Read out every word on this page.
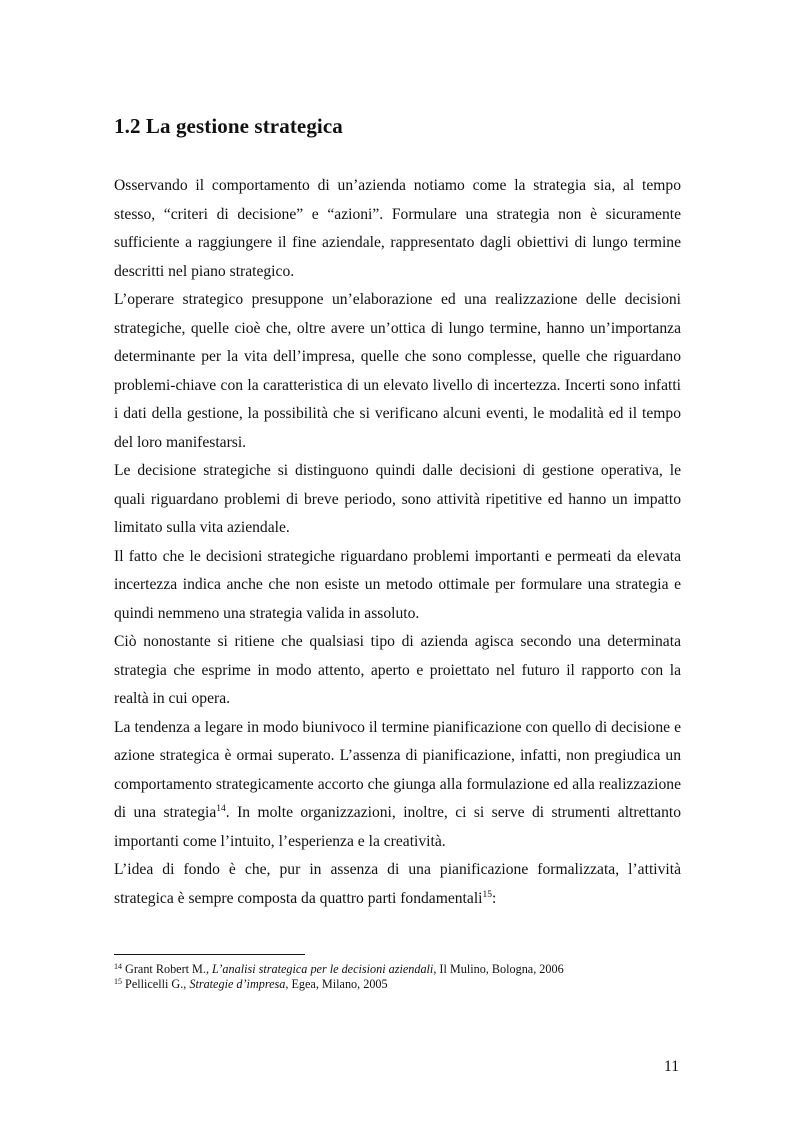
1.2 La gestione strategica

Osservando il comportamento di un’azienda notiamo come la strategia sia, al tempo stesso, “criteri di decisione” e “azioni”. Formulare una strategia non è sicuramente sufficiente a raggiungere il fine aziendale, rappresentato dagli obiettivi di lungo termine descritti nel piano strategico.

L’operare strategico presuppone un’elaborazione ed una realizzazione delle decisioni strategiche, quelle cioè che, oltre avere un’ottica di lungo termine, hanno un’importanza determinante per la vita dell’impresa, quelle che sono complesse, quelle che riguardano problemi-chiave con la caratteristica di un elevato livello di incertezza. Incerti sono infatti i dati della gestione, la possibilità che si verificano alcuni eventi, le modalità ed il tempo del loro manifestarsi.

Le decisione strategiche si distinguono quindi dalle decisioni di gestione operativa, le quali riguardano problemi di breve periodo, sono attività ripetitive ed hanno un impatto limitato sulla vita aziendale.

Il fatto che le decisioni strategiche riguardano problemi importanti e permeati da elevata incertezza indica anche che non esiste un metodo ottimale per formulare una strategia e quindi nemmeno una strategia valida in assoluto.

Ciò nonostante si ritiene che qualsiasi tipo di azienda agisca secondo una determinata strategia che esprime in modo attento, aperto e proiettato nel futuro il rapporto con la realtà in cui opera.

La tendenza a legare in modo biunivoco il termine pianificazione con quello di decisione e azione strategica è ormai superato. L’assenza di pianificazione, infatti, non pregiudica un comportamento strategicamente accorto che giunga alla formulazione ed alla realizzazione di una strategia$^{14}$. In molte organizzazioni, inoltre, ci si serve di strumenti altrettanto importanti come l’intuito, l’esperienza e la creatività.

L’idea di fondo è che, pur in assenza di una pianificazione formalizzata, l’attività strategica è sempre composta da quattro parti fondamentali$^{15}$:

$^{14}$ Grant Robert M., L’analisi strategica per le decisioni aziendali, Il Mulino, Bologna, 2006
$^{15}$ Pellicelli G., Strategie d’impresa, Egea, Milano, 2005
11
